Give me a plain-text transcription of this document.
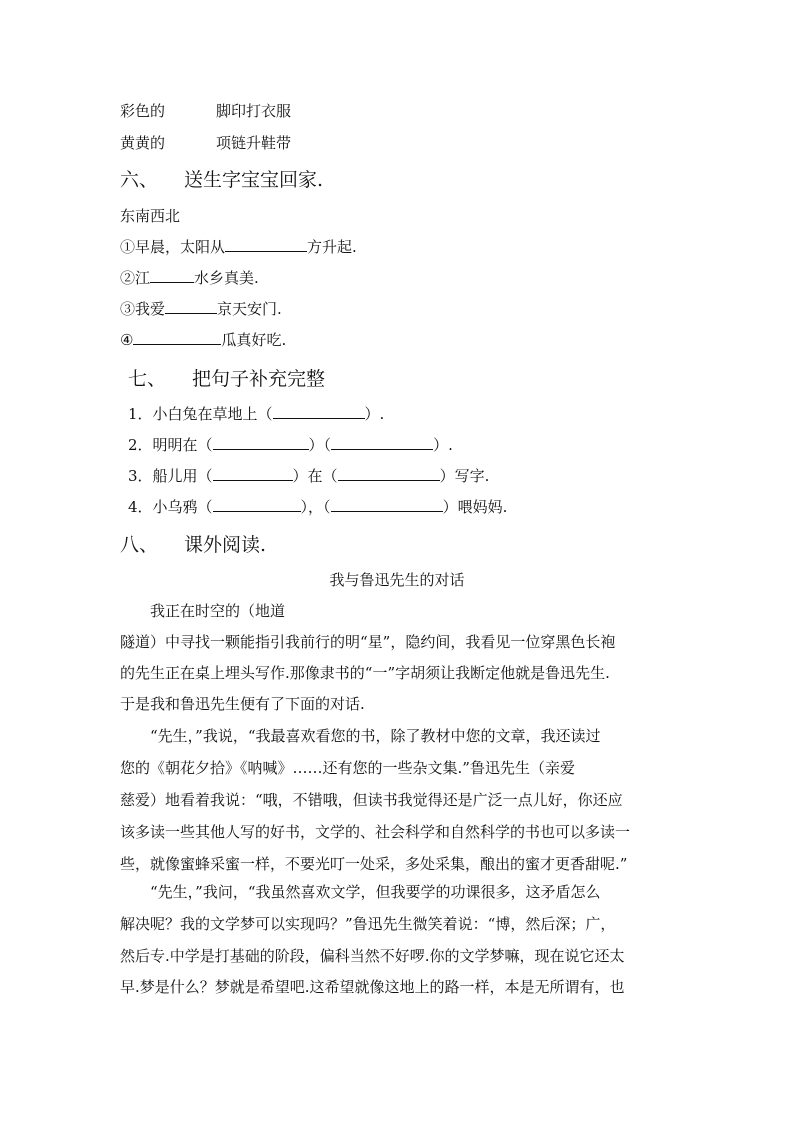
彩色的	脚印打衣服
黄黄的	项链升鞋带
六、 送生字宝宝回家.
东南西北
①早晨，太阳从	方升起.
②江	水乡真美.
③我爱	京天安门.
④	瓜真好吃.
七、 把句子补充完整
1．小白兔在草地上（	）.
2．明明在（	）（	）.
3．船儿用（	）在（	）写字.
4．小乌鸦（	），（	）喂妈妈.
八、 课外阅读.
我与鲁迅先生的对话
我正在时空的（地道
隧道）中寻找一颗能指引我前行的明“星”，隐约间，我看见一位穿黑色长袍
的先生正在桌上埋头写作.那像隶书的“一”字胡须让我断定他就是鲁迅先生.
于是我和鲁迅先生便有了下面的对话.
“先生，”我说，“我最喜欢看您的书，除了教材中您的文章，我还读过
您的《朝花夕拾》《呐喊》……还有您的一些杂文集.”鲁迅先生（亲爱
慈爱）地看着我说：“哦，不错哦，但读书我觉得还是广泛一点儿好，你还应
该多读一些其他人写的好书，文学的、社会科学和自然科学的书也可以多读一
些，就像蜜蜂采蜜一样，不要光叮一处采，多处采集，酿出的蜜才更香甜呢.”
“先生，”我问，“我虽然喜欢文学，但我要学的功课很多，这矛盾怎么
解决呢？我的文学梦可以实现吗？”鲁迅先生微笑着说：“博，然后深；广，
然后专.中学是打基础的阶段，偏科当然不好啰.你的文学梦嘛，现在说它还太
早.梦是什么？梦就是希望吧.这希望就像这地上的路一样，本是无所谓有，也
